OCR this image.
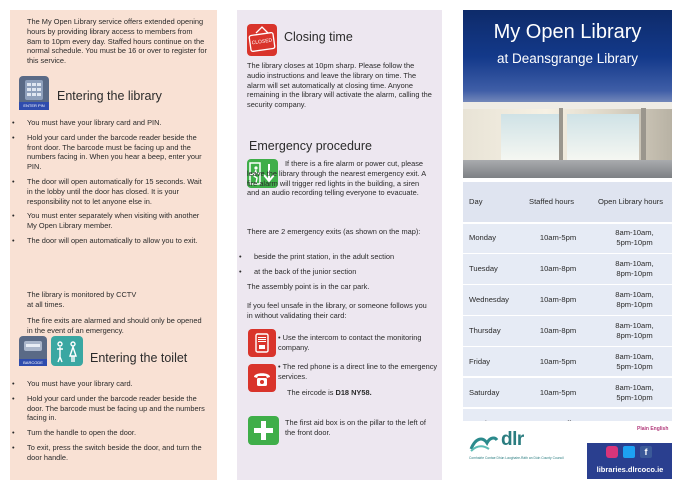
The My Open Library service offers extended opening hours by providing library access to members from 8am to 10pm every day. Staffed hours continue on the normal schedule. You must be 16 or over to register for this service.
ENTER PIN
Entering the library
• You must have your library card and PIN.
• Hold your card under the barcode reader beside the front door. The barcode must be facing up and the numbers facing in. When you hear a beep, enter your PIN.
• The door will open automatically for 15 seconds. Wait in the lobby until the door has closed. It is your responsibility not to let anyone else in.
• You must enter separately when visiting with another My Open Library member.
• The door will open automatically to allow you to exit.
The library is monitored by CCTV at all times.
The fire exits are alarmed and should only be opened in the event of an emergency.
BARCODE	Entering the toilet
• You must have your library card.
• Hold your card under the barcode reader beside the door. The barcode must be facing up and the numbers facing in.
• Turn the handle to open the door.
• To exit, press the switch beside the door, and turn the door handle.
CLOSED Closing time
The library closes at 10pm sharp. Please follow the audio instructions and leave the library on time. The alarm will set automatically at closing time. Anyone remaining in the library will activate the alarm, calling the security company.
Emergency procedure
If there is a fire alarm or power cut, please leave the library through the nearest emergency exit. A fire alarm will trigger red lights in the building, a siren and an audio recording telling everyone to evacuate.
There are 2 emergency exits (as shown on the map):
• beside the print station, in the adult section
• at the back of the junior section
The assembly point is in the car park.
If you feel unsafe in the library, or someone follows you in without validating their card:
• Use the intercom to contact the monitoring company.
• The red phone is a direct line to the emergency services.
The eircode is D18 NY58.
The first aid box is on the pillar to the left of the front door.
My Open Library
at Deansgrange Library
Day	Staffed hours	Open Library hours
Monday	10am-5pm
8am-10am,
5pm-10pm
Tuesday	10am-8pm
8am-10am,
8pm-10pm
Wednesday	10am-8pm
8am-10am,
8pm-10pm
Thursday	10am-8pm
8am-10am,
8pm-10pm
Friday	10am-5pm
8am-10am,
5pm-10pm
Saturday	10am-5pm
8am-10am,
5pm-10pm
dlr
Comhairle Contae Dhún Laoghaire-Ráth an Dúin County Council
Plain English
f
libraries.dlrcoco.ie
